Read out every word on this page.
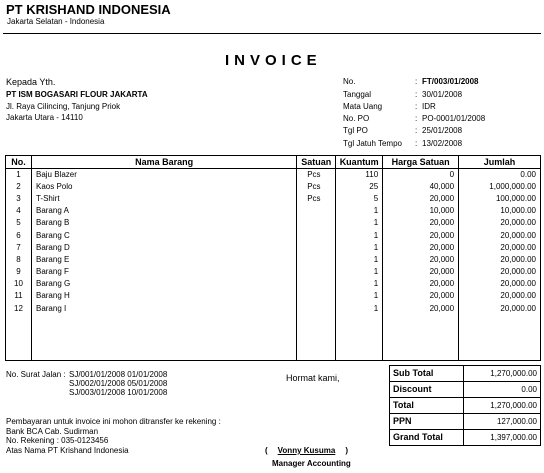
PT KRISHAND INDONESIA
Jakarta Selatan - Indonesia
INVOICE
Kepada Yth.
PT ISM BOGASARI FLOUR JAKARTA
Jl. Raya Cilincing, Tanjung Priok
Jakarta Utara - 14110
No.	: FT/003/01/2008
Tanggal	: 30/01/2008
Mata Uang	: IDR
No. PO	: PO-0001/01/2008
Tgl PO	: 25/01/2008
Tgl Jatuh Tempo : 13/02/2008
No.	Nama Barang	Satuan	Kuantum	Harga Satuan	Jumlah
1	Baju Blazer	Pcs	110	0	0.00
2	Kaos Polo	Pcs	25	40,000	1,000,000.00
3	T-Shirt	Pcs	5	20,000	100,000.00
4	Barang A		1	10,000	10,000.00
5	Barang B		1	20,000	20,000.00
6	Barang C		1	20,000	20,000.00
7	Barang D		1	20,000	20,000.00
8	Barang E		1	20,000	20,000.00
9	Barang F		1	20,000	20,000.00
10	Barang G		1	20,000	20,000.00
11	Barang H		1	20,000	20,000.00
12	Barang I		1	20,000	20,000.00

No. Surat Jalan : SJ/001/01/2008 01/01/2008
SJ/002/01/2008 05/01/2008
SJ/003/01/2008 10/01/2008
Hormat kami,	Sub Total	1,270,000.00
Discount	0.00
Total	1,270,000.00
PPN	127,000.00
Grand Total	1,397,000.00
Pembayaran untuk invoice ini mohon ditransfer ke rekening :
Bank BCA Cab. Sudirman
No. Rekening : 035-0123456
Atas Nama PT Krishand Indonesia	( Vonny Kusuma )
Manager Accounting
